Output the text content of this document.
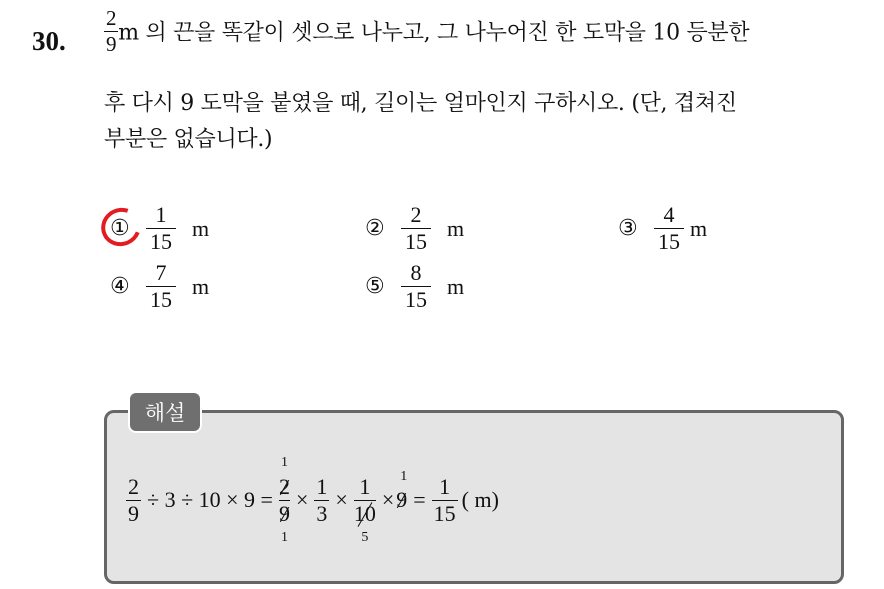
30. $\frac{2}{9}$ m 의 끈을 똑같이 셋으로 나누고, 그 나누어진 한 도막을 10 등분한
후 다시 9 도막을 붙였을 때, 길이는 얼마인지 구하시오. (단, 겹쳐진
부분은 없습니다.)
① $\frac{1}{15}$ m	② $\frac{2}{15}$ m	③ $\frac{4}{15}$ m
④ $\frac{7}{15}$ m	⑤ $\frac{8}{15}$ m
해설
$\frac{2}{9} \div 3 \div 10 \times 9$ =
1
2
9
1
× $\frac{1}{3}$ ×
1
10
5
×
1
$9 = \frac{1}{15}$ ( m)
